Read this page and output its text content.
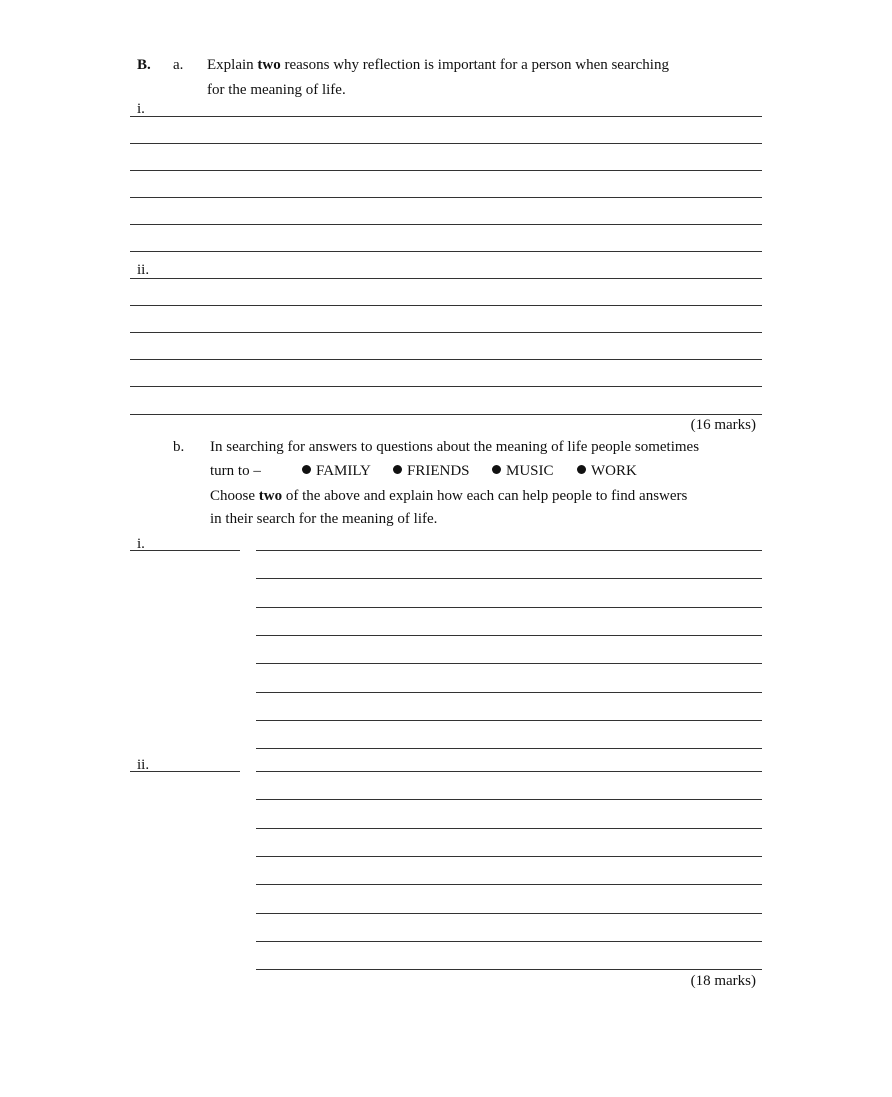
B. a. Explain two reasons why reflection is important for a person when searching
for the meaning of life.
i.
ii.
(16 marks)
b. In searching for answers to questions about the meaning of life people sometimes
turn to –	FAMILY	FRIENDS	MUSIC	WORK
Choose two of the above and explain how each can help people to find answers
in their search for the meaning of life.
i.
ii.
(18 marks)
